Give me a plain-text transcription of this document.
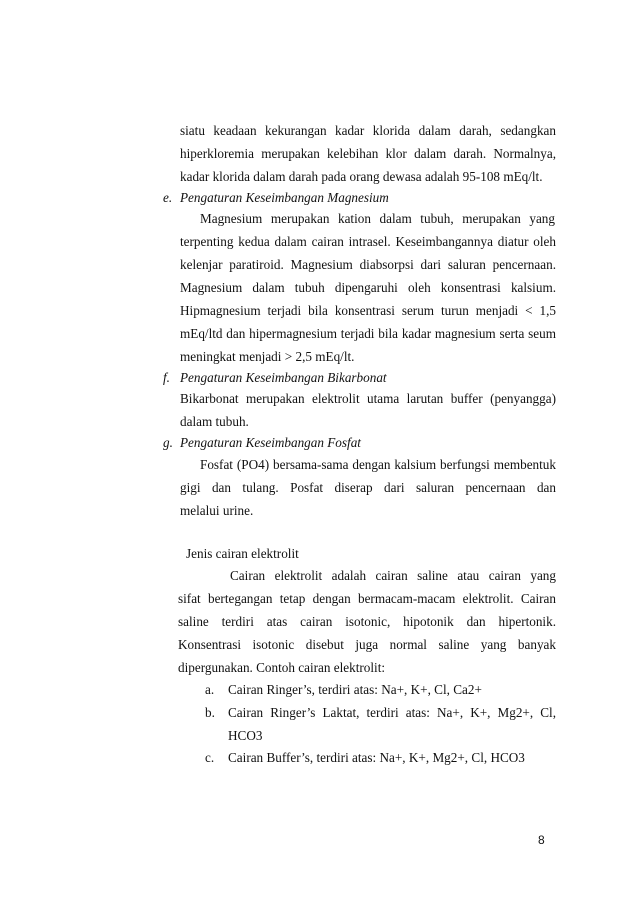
siatu keadaan kekurangan kadar klorida dalam darah, sedangkan
hiperkloremia merupakan kelebihan klor dalam darah. Normalnya,
kadar klorida dalam darah pada orang dewasa adalah 95-108 mEq/lt.
e. Pengaturan Keseimbangan Magnesium
Magnesium merupakan kation dalam tubuh, merupakan yang
terpenting kedua dalam cairan intrasel. Keseimbangannya diatur oleh
kelenjar paratiroid. Magnesium diabsorpsi dari saluran pencernaan.
Magnesium dalam tubuh dipengaruhi oleh konsentrasi kalsium.
Hipmagnesium terjadi bila konsentrasi serum turun menjadi < 1,5
mEq/ltd dan hipermagnesium terjadi bila kadar magnesium serta seum
meningkat menjadi > 2,5 mEq/lt.
f. Pengaturan Keseimbangan Bikarbonat
Bikarbonat merupakan elektrolit utama larutan buffer (penyangga)
dalam tubuh.
g. Pengaturan Keseimbangan Fosfat
Fosfat (PO4) bersama-sama dengan kalsium berfungsi membentuk
gigi dan tulang. Posfat diserap dari saluran pencernaan dan
melalui urine.
Jenis cairan elektrolit
Cairan elektrolit adalah cairan saline atau cairan yang
sifat bertegangan tetap dengan bermacam-macam elektrolit. Cairan
saline terdiri atas cairan isotonic, hipotonik dan hipertonik.
Konsentrasi isotonic disebut juga normal saline yang banyak
dipergunakan. Contoh cairan elektrolit:
a. Cairan Ringer’s, terdiri atas: Na+, K+, Cl, Ca2+
b. Cairan Ringer’s Laktat, terdiri atas: Na+, K+, Mg2+, Cl,
HCO3
c. Cairan Buffer’s, terdiri atas: Na+, K+, Mg2+, Cl, HCO3
8
